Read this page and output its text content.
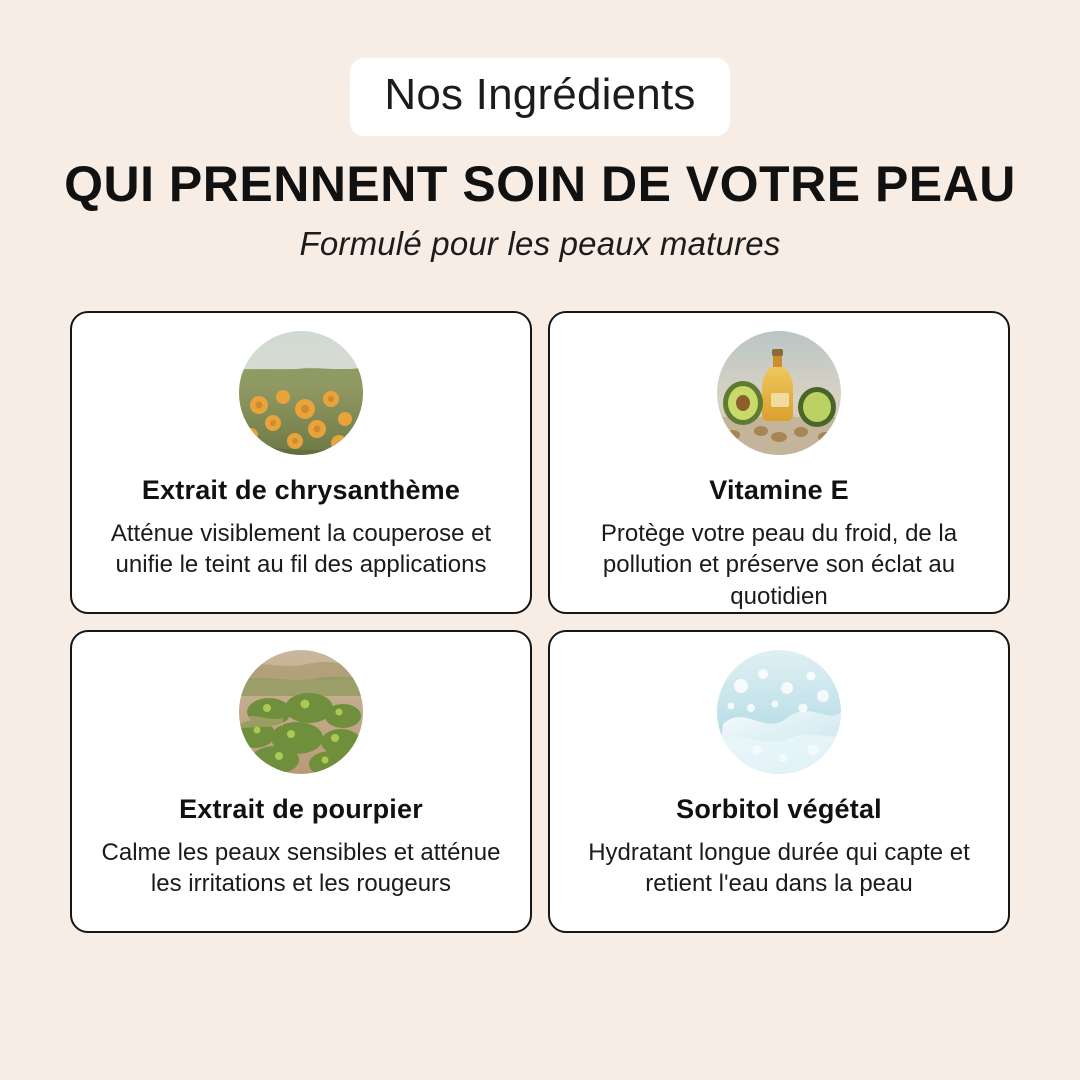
Nos Ingrédients
QUI PRENNENT SOIN DE VOTRE PEAU
Formulé pour les peaux matures
Extrait de chrysanthème
Atténue visiblement la couperose et unifie le teint au fil des applications
Vitamine E
Protège votre peau du froid, de la pollution et préserve son éclat au quotidien
Extrait de pourpier
Calme les peaux sensibles et atténue les irritations et les rougeurs
Sorbitol végétal
Hydratant longue durée qui capte et retient l'eau dans la peau
